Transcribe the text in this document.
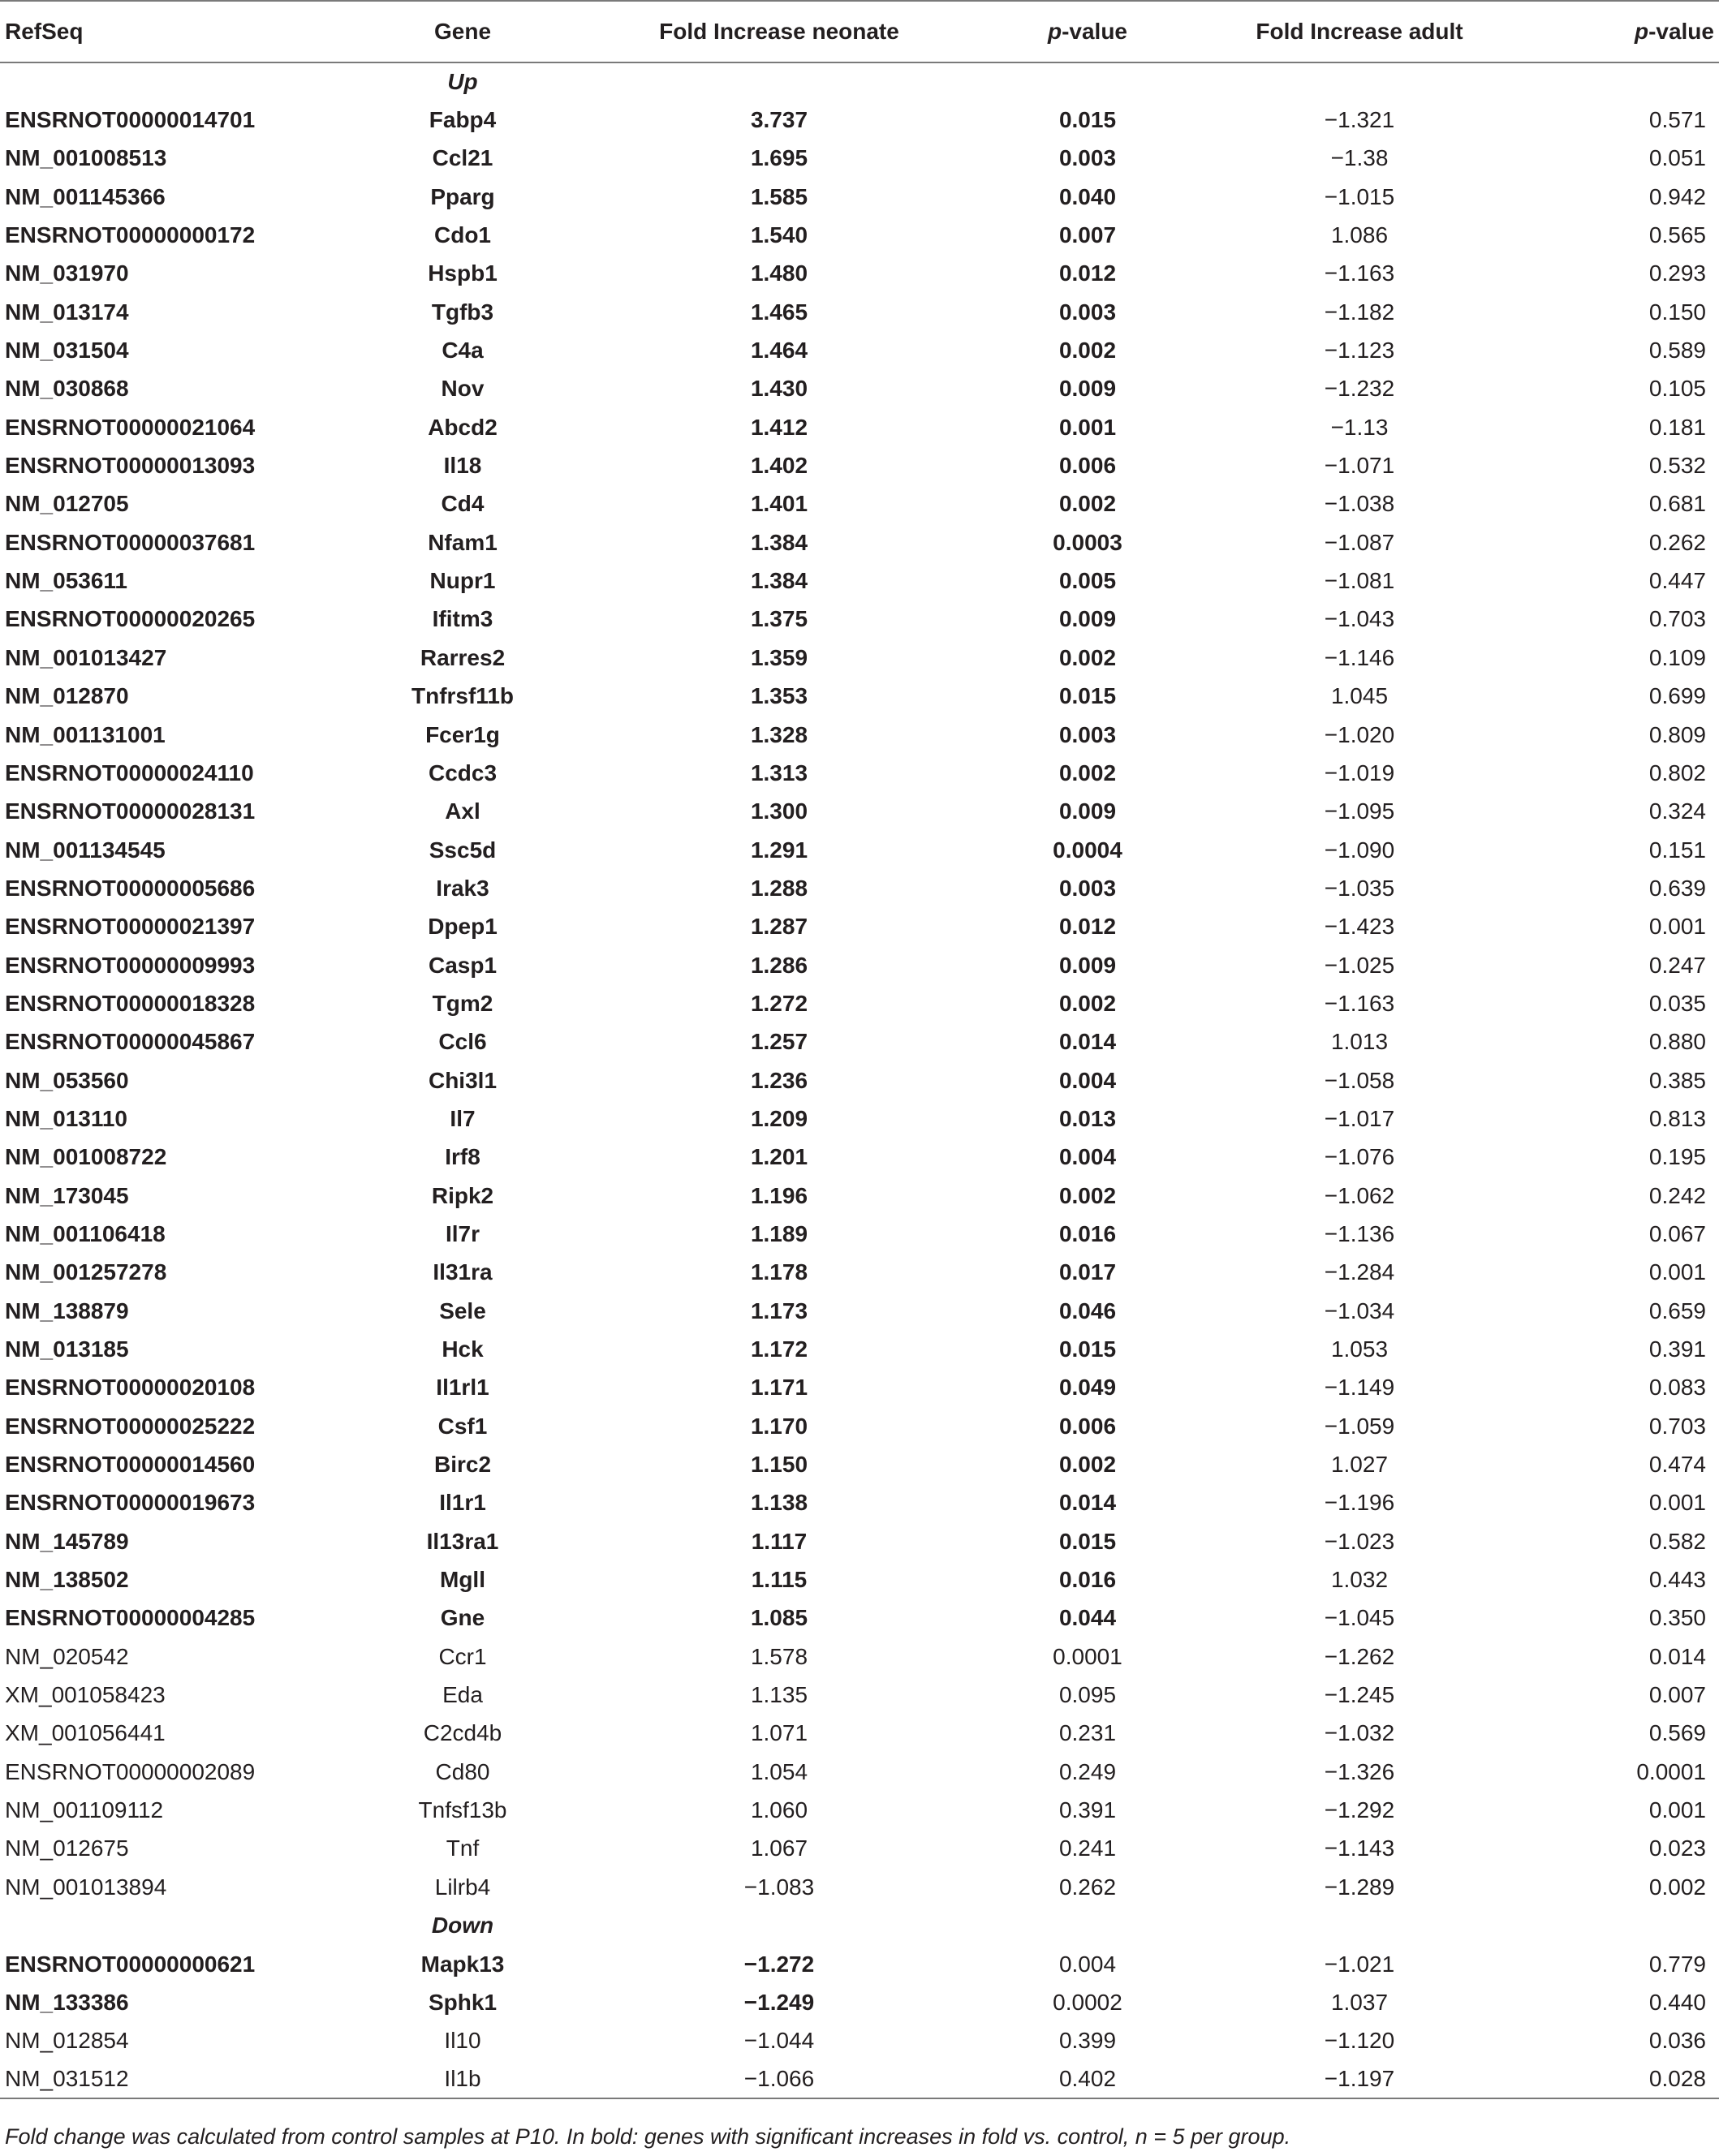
RefSeq	Gene	Fold Increase neonate	p-value	Fold Increase adult	p-value
	Up				
ENSRNOT00000014701	Fabp4	3.737	0.015	−1.321	0.571
NM_001008513	Ccl21	1.695	0.003	−1.38	0.051
NM_001145366	Pparg	1.585	0.040	−1.015	0.942
ENSRNOT00000000172	Cdo1	1.540	0.007	1.086	0.565
NM_031970	Hspb1	1.480	0.012	−1.163	0.293
NM_013174	Tgfb3	1.465	0.003	−1.182	0.150
NM_031504	C4a	1.464	0.002	−1.123	0.589
NM_030868	Nov	1.430	0.009	−1.232	0.105
ENSRNOT00000021064	Abcd2	1.412	0.001	−1.13	0.181
ENSRNOT00000013093	Il18	1.402	0.006	−1.071	0.532
NM_012705	Cd4	1.401	0.002	−1.038	0.681
ENSRNOT00000037681	Nfam1	1.384	0.0003	−1.087	0.262
NM_053611	Nupr1	1.384	0.005	−1.081	0.447
ENSRNOT00000020265	Ifitm3	1.375	0.009	−1.043	0.703
NM_001013427	Rarres2	1.359	0.002	−1.146	0.109
NM_012870	Tnfrsf11b	1.353	0.015	1.045	0.699
NM_001131001	Fcer1g	1.328	0.003	−1.020	0.809
ENSRNOT00000024110	Ccdc3	1.313	0.002	−1.019	0.802
ENSRNOT00000028131	Axl	1.300	0.009	−1.095	0.324
NM_001134545	Ssc5d	1.291	0.0004	−1.090	0.151
ENSRNOT00000005686	Irak3	1.288	0.003	−1.035	0.639
ENSRNOT00000021397	Dpep1	1.287	0.012	−1.423	0.001
ENSRNOT00000009993	Casp1	1.286	0.009	−1.025	0.247
ENSRNOT00000018328	Tgm2	1.272	0.002	−1.163	0.035
ENSRNOT00000045867	Ccl6	1.257	0.014	1.013	0.880
NM_053560	Chi3l1	1.236	0.004	−1.058	0.385
NM_013110	Il7	1.209	0.013	−1.017	0.813
NM_001008722	Irf8	1.201	0.004	−1.076	0.195
NM_173045	Ripk2	1.196	0.002	−1.062	0.242
NM_001106418	Il7r	1.189	0.016	−1.136	0.067
NM_001257278	Il31ra	1.178	0.017	−1.284	0.001
NM_138879	Sele	1.173	0.046	−1.034	0.659
NM_013185	Hck	1.172	0.015	1.053	0.391
ENSRNOT00000020108	Il1rl1	1.171	0.049	−1.149	0.083
ENSRNOT00000025222	Csf1	1.170	0.006	−1.059	0.703
ENSRNOT00000014560	Birc2	1.150	0.002	1.027	0.474
ENSRNOT00000019673	Il1r1	1.138	0.014	−1.196	0.001
NM_145789	Il13ra1	1.117	0.015	−1.023	0.582
NM_138502	Mgll	1.115	0.016	1.032	0.443
ENSRNOT00000004285	Gne	1.085	0.044	−1.045	0.350
NM_020542	Ccr1	1.578	0.0001	−1.262	0.014
XM_001058423	Eda	1.135	0.095	−1.245	0.007
XM_001056441	C2cd4b	1.071	0.231	−1.032	0.569
ENSRNOT00000002089	Cd80	1.054	0.249	−1.326	0.0001
NM_001109112	Tnfsf13b	1.060	0.391	−1.292	0.001
NM_012675	Tnf	1.067	0.241	−1.143	0.023
NM_001013894	Lilrb4	−1.083	0.262	−1.289	0.002
	Down				
ENSRNOT00000000621	Mapk13	−1.272	0.004	−1.021	0.779
NM_133386	Sphk1	−1.249	0.0002	1.037	0.440
NM_012854	Il10	−1.044	0.399	−1.120	0.036
NM_031512	Il1b	−1.066	0.402	−1.197	0.028
Fold change was calculated from control samples at P10. In bold: genes with significant increases in fold vs. control, n = 5 per group.
